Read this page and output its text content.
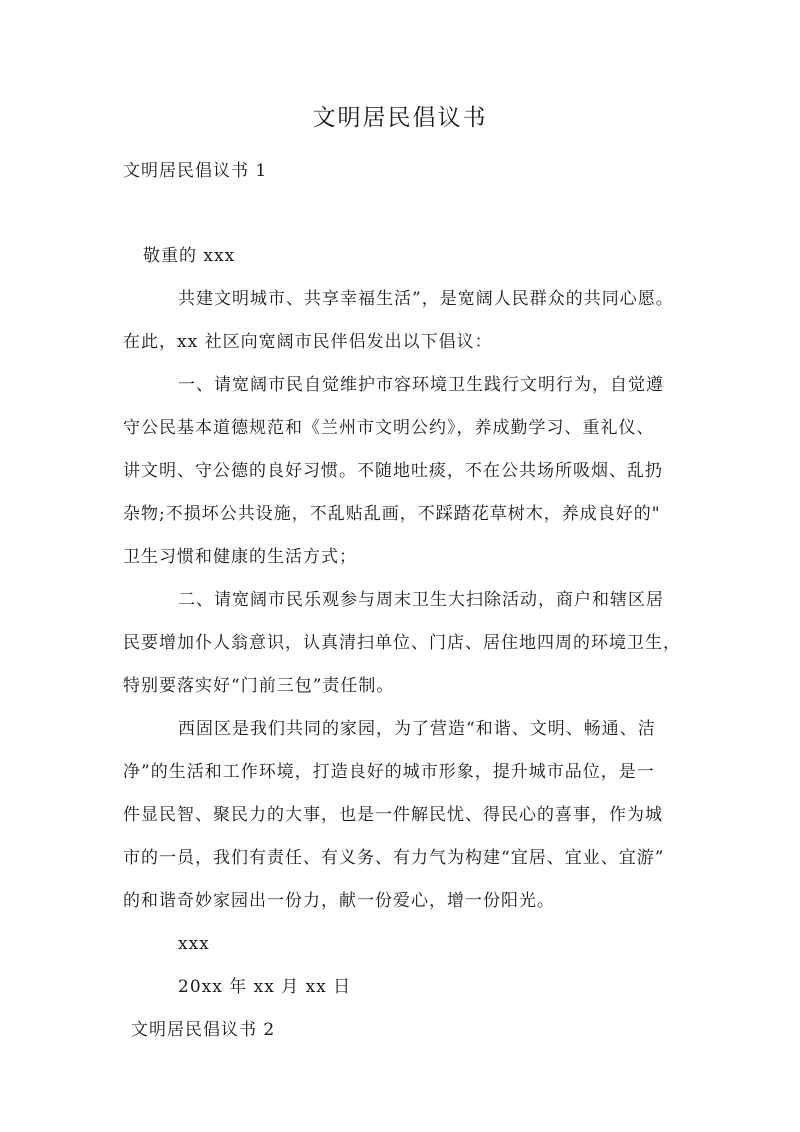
文明居民倡议书
文明居民倡议书 1
敬重的 xxx
共建文明城市、共享幸福生活”，是宽阔人民群众的共同心愿。
在此，xx 社区向宽阔市民伴侣发出以下倡议：
一、请宽阔市民自觉维护市容环境卫生践行文明行为，自觉遵
守公民基本道德规范和《兰州市文明公约》，养成勤学习、重礼仪、
讲文明、守公德的良好习惯。不随地吐痰，不在公共场所吸烟、乱扔
杂物;不损坏公共设施，不乱贴乱画，不踩踏花草树木，养成良好的"
卫生习惯和健康的生活方式；
二、请宽阔市民乐观参与周末卫生大扫除活动，商户和辖区居
民要增加仆人翁意识，认真清扫单位、门店、居住地四周的环境卫生，
特别要落实好“门前三包”责任制。
西固区是我们共同的家园，为了营造“和谐、文明、畅通、洁
净”的生活和工作环境，打造良好的城市形象，提升城市品位，是一
件显民智、聚民力的大事，也是一件解民忧、得民心的喜事，作为城
市的一员，我们有责任、有义务、有力气为构建“宜居、宜业、宜游”
的和谐奇妙家园出一份力，献一份爱心，增一份阳光。
xxx
20xx 年 xx 月 xx 日
文明居民倡议书 2
